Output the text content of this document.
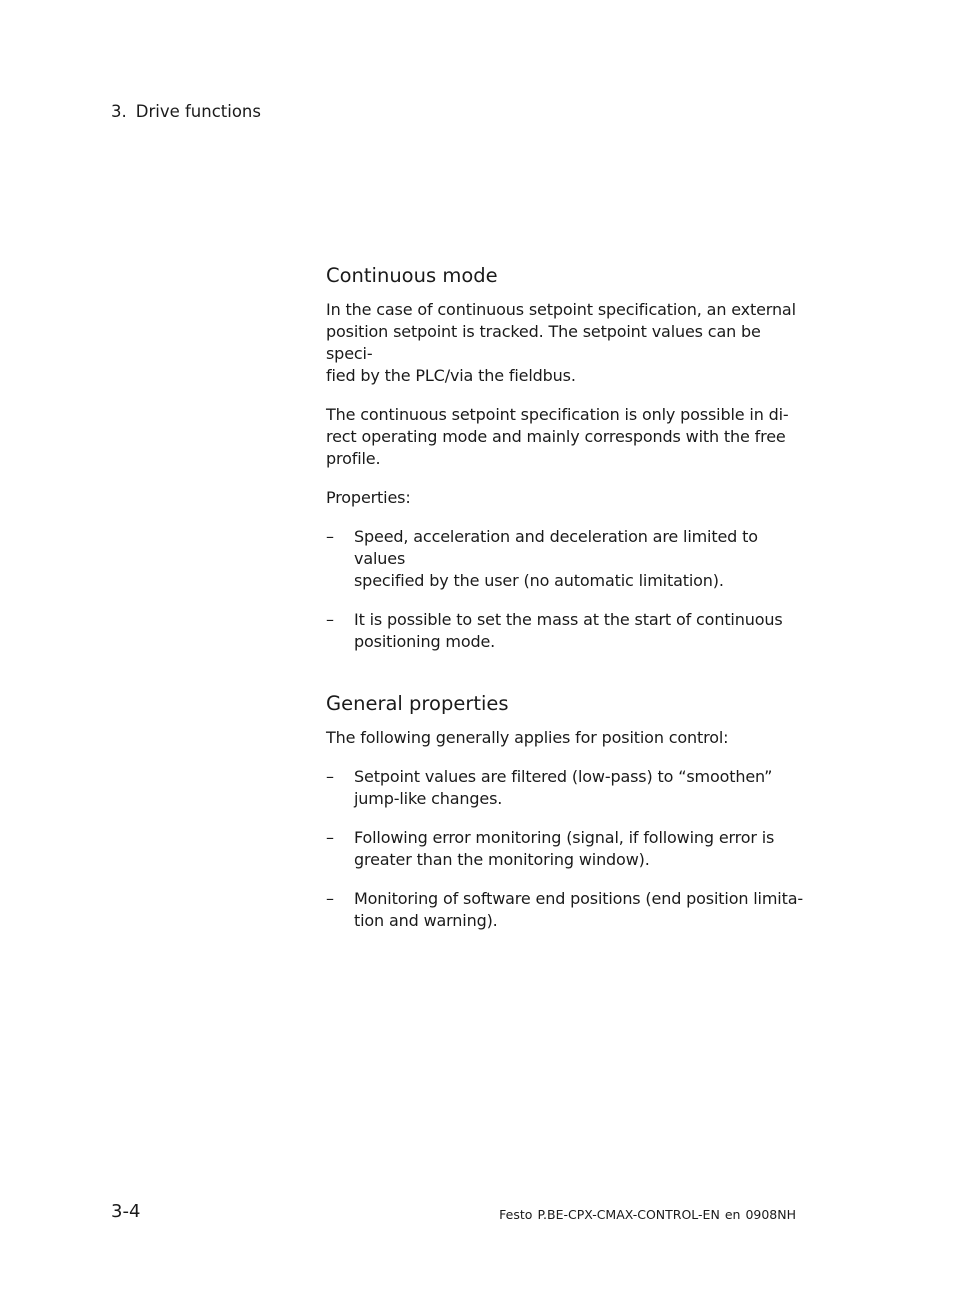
3. Drive functions
Continuous mode

In the case of continuous setpoint specification, an external
position setpoint is tracked. The setpoint values can be speci-
fied by the PLC/via the fieldbus.

The continuous setpoint specification is only possible in di-
rect operating mode and mainly corresponds with the free
profile.

Properties:

– Speed, acceleration and deceleration are limited to values
specified by the user (no automatic limitation).
– It is possible to set the mass at the start of continuous
positioning mode.
General properties

The following generally applies for position control:

– Setpoint values are filtered (low-pass) to “smoothen”
jump-like changes.
– Following error monitoring (signal, if following error is
greater than the monitoring window).
– Monitoring of software end positions (end position limita-
tion and warning).
3-4	Festo P.BE-CPX-CMAX-CONTROL-EN en 0908NH
